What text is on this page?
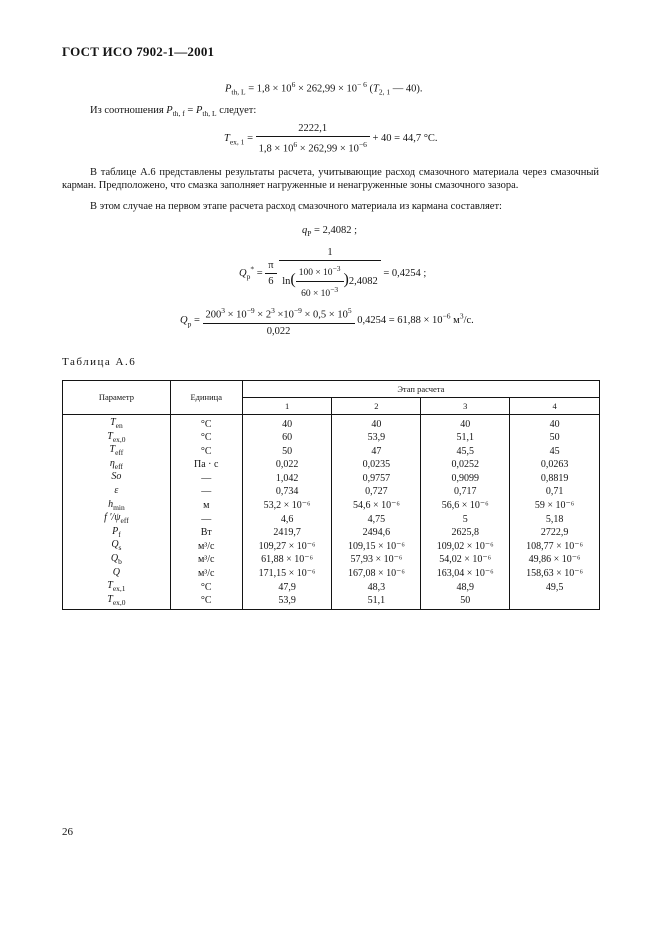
ГОСТ ИСО 7902-1—2001
$P_{th, L} = 1,8 \times 10^6 \times 262,99 \times 10^{- 6}$ ($T_{2, 1}$ — 40).
Из соотношения $P_{th, f} = P_{th, L}$ следует:
$T_{ex, 1} = \frac{2222,1}{1,8 \times 10^6 \times 262,99 \times 10^{-6}} + 40 = 44,7$ °C.
В таблице А.6 представлены результаты расчета, учитывающие расход смазочного материала через смазочный карман. Предположено, что смазка заполняет нагруженные и ненагруженные зоны смазочного зазора.
В этом случае на первом этапе расчета расход смазочного материала из кармана составляет:
$q_P = 2,4082$ ;
$Q_p^* = \frac{\pi}{6}$
$\frac{1}{\ln( \frac{100 \times 10^{-3}}{60 \times 10^{-3}} )2,4082} = 0,4254$ ;
$Q_p = \frac{200^3 \times 10^{-9} \times 2^3 \times 10^{-9} \times 0,5 \times 10^5}{0,022} 0,4254 = 61,88 \times 10^{-6}$ $м^3/с$.
Таблица А.6
Параметр	Единица	Этап расчета			
		1	2	3	4
$T_{en}$	°C	40	40	40	40
$T_{ex,0}$	°C	60	53,9	51,1	50
$T_{eff}$	°C	50	47	45,5	45
$\eta_{eff}$	Па · с	0,022	0,0235	0,0252	0,0263
So	—	1,042	0,9757	0,9099	0,8819
ε	—	0,734	0,727	0,717	0,71
$h_{min}$	м	53,2 × 10⁻⁶	54,6 × 10⁻⁶	56,6 × 10⁻⁶	59 × 10⁻⁶
f $'/\psi_{eff}$	—	4,6	4,75	5	5,18
$P_f$	Вт	2419,7	2494,6	2625,8	2722,9
$Q_s$	м³/с	109,27 × 10⁻⁶	109,15 × 10⁻⁶	109,02 × 10⁻⁶	108,77 × 10⁻⁶
$Q_b$	м³/с	61,88 × 10⁻⁶	57,93 × 10⁻⁶	54,02 × 10⁻⁶	49,86 × 10⁻⁶
Q	м³/с	171,15 × 10⁻⁶	167,08 × 10⁻⁶	163,04 × 10⁻⁶	158,63 × 10⁻⁶
$T_{ex,1}$	°C	47,9	48,3	48,9	49,5
$T_{ex,0}$	°C	53,9	51,1	50	
26
